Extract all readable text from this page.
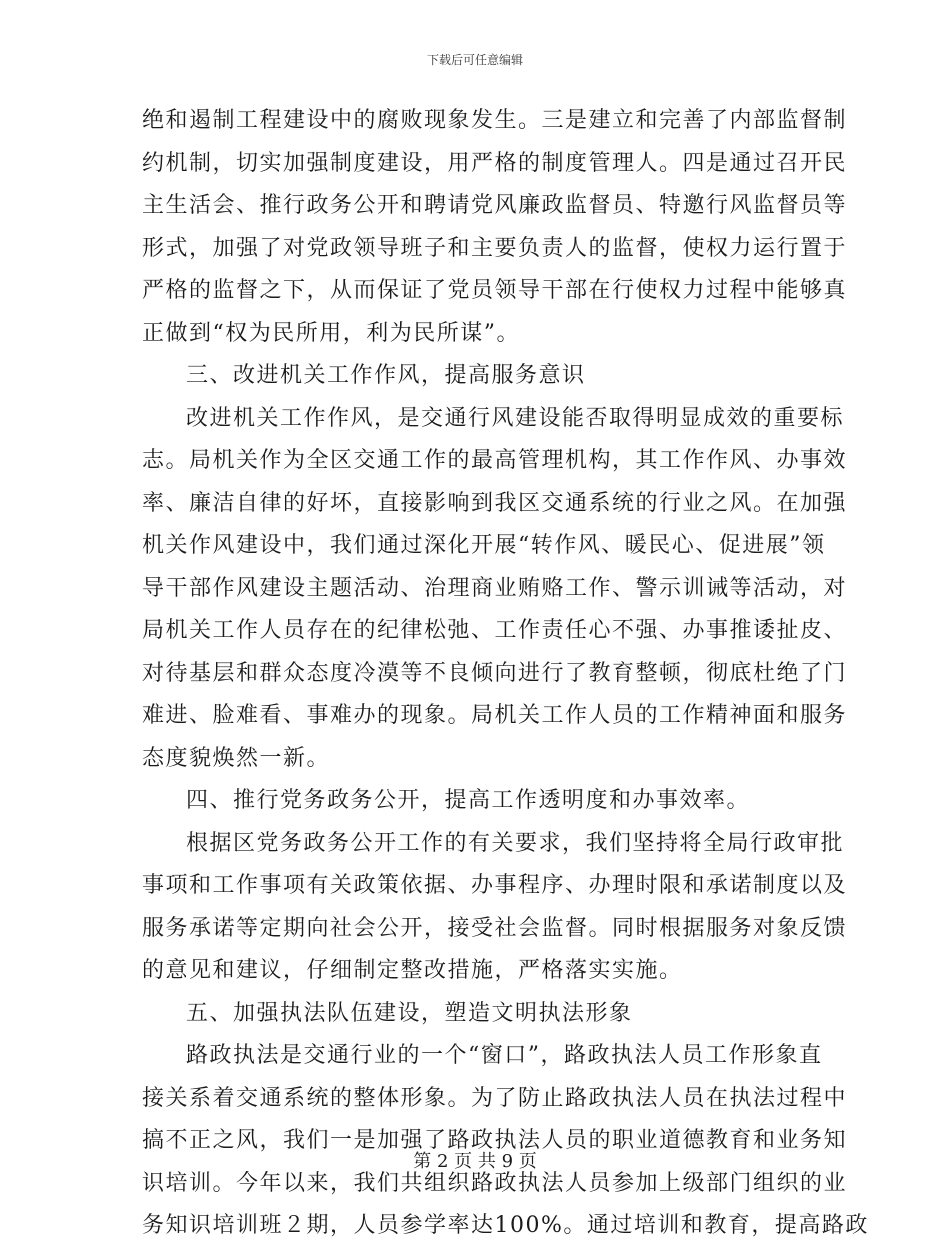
下载后可任意编辑
绝和遏制工程建设中的腐败现象发生。三是建立和完善了内部监督制
约机制，切实加强制度建设，用严格的制度管理人。四是通过召开民
主生活会、推行政务公开和聘请党风廉政监督员、特邀行风监督员等
形式，加强了对党政领导班子和主要负责人的监督，使权力运行置于
严格的监督之下，从而保证了党员领导干部在行使权力过程中能够真
正做到“权为民所用，利为民所谋”。
三、改进机关工作作风，提高服务意识
改进机关工作作风，是交通行风建设能否取得明显成效的重要标
志。局机关作为全区交通工作的最高管理机构，其工作作风、办事效
率、廉洁自律的好坏，直接影响到我区交通系统的行业之风。在加强
机关作风建设中，我们通过深化开展“转作风、暖民心、促进展”领
导干部作风建设主题活动、治理商业贿赂工作、警示训诫等活动，对
局机关工作人员存在的纪律松弛、工作责任心不强、办事推诿扯皮、
对待基层和群众态度冷漠等不良倾向进行了教育整顿，彻底杜绝了门
难进、脸难看、事难办的现象。局机关工作人员的工作精神面和服务
态度貌焕然一新。
四、推行党务政务公开，提高工作透明度和办事效率。
根据区党务政务公开工作的有关要求，我们坚持将全局行政审批
事项和工作事项有关政策依据、办事程序、办理时限和承诺制度以及
服务承诺等定期向社会公开，接受社会监督。同时根据服务对象反馈
的意见和建议，仔细制定整改措施，严格落实实施。
五、加强执法队伍建设，塑造文明执法形象
路政执法是交通行业的一个“窗口”，路政执法人员工作形象直
接关系着交通系统的整体形象。为了防止路政执法人员在执法过程中
搞不正之风，我们一是加强了路政执法人员的职业道德教育和业务知
识培训。今年以来，我们共组织路政执法人员参加上级部门组织的业
务知识培训班２期，人员参学率达100%。通过培训和教育，提高路政
第 2 页 共 9 页
